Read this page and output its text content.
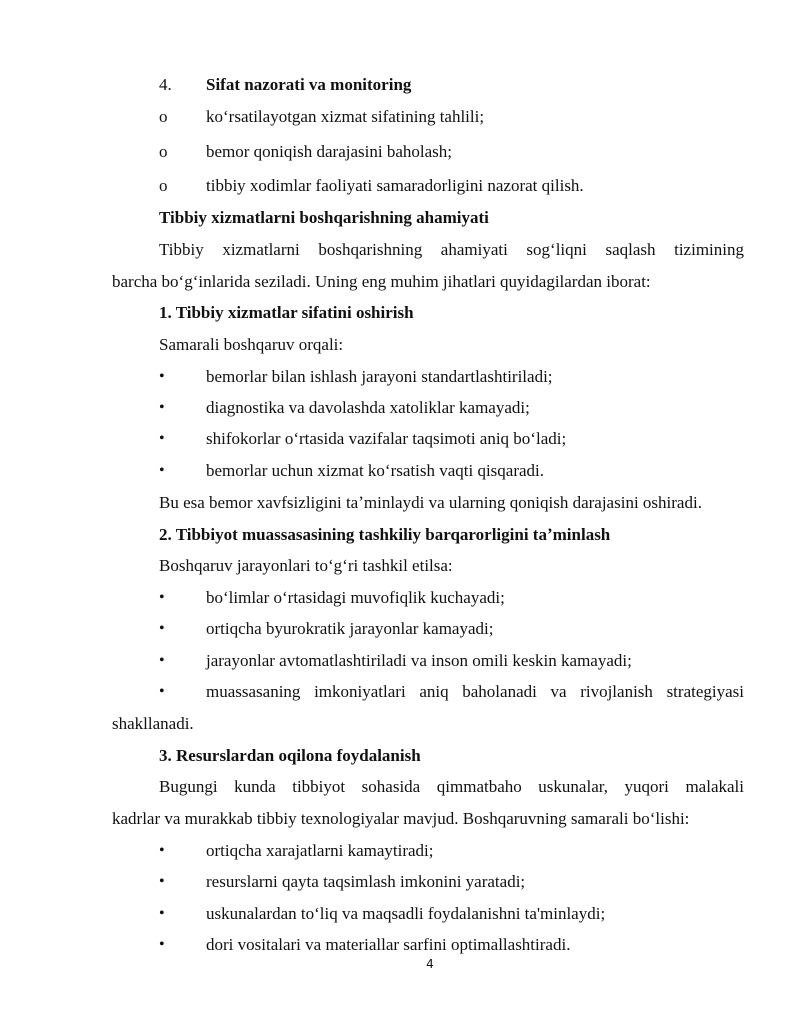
4. Sifat nazorati va monitoring
o koʻrsatilayotgan xizmat sifatining tahlili;
o bemor qoniqish darajasini baholash;
o tibbiy xodimlar faoliyati samaradorligini nazorat qilish.
Tibbiy xizmatlarni boshqarishning ahamiyati
Tibbiy xizmatlarni boshqarishning ahamiyati sogʻliqni saqlash tizimining
barcha boʻgʻinlarida seziladi. Uning eng muhim jihatlari quyidagilardan iborat:
1. Tibbiy xizmatlar sifatini oshirish
Samarali boshqaruv orqali:
• bemorlar bilan ishlash jarayoni standartlashtiriladi;
• diagnostika va davolashda xatoliklar kamayadi;
• shifokorlar oʻrtasida vazifalar taqsimoti aniq boʻladi;
• bemorlar uchun xizmat koʻrsatish vaqti qisqaradi.
Bu esa bemor xavfsizligini taʼminlaydi va ularning qoniqish darajasini oshiradi.
2. Tibbiyot muassasasining tashkiliy barqarorligini taʼminlash
Boshqaruv jarayonlari toʻgʻri tashkil etilsa:
• boʻlimlar oʻrtasidagi muvofiqlik kuchayadi;
• ortiqcha byurokratik jarayonlar kamayadi;
• jarayonlar avtomatlashtiriladi va inson omili keskin kamayadi;
• muassasaning imkoniyatlari aniq baholanadi va rivojlanish strategiyasi
shakllanadi.
3. Resurslardan oqilona foydalanish
Bugungi kunda tibbiyot sohasida qimmatbaho uskunalar, yuqori malakali
kadrlar va murakkab tibbiy texnologiyalar mavjud. Boshqaruvning samarali boʻlishi:
• ortiqcha xarajatlarni kamaytiradi;
• resurslarni qayta taqsimlash imkonini yaratadi;
• uskunalardan toʻliq va maqsadli foydalanishni ta'minlaydi;
• dori vositalari va materiallar sarfini optimallashtiradi.
4
